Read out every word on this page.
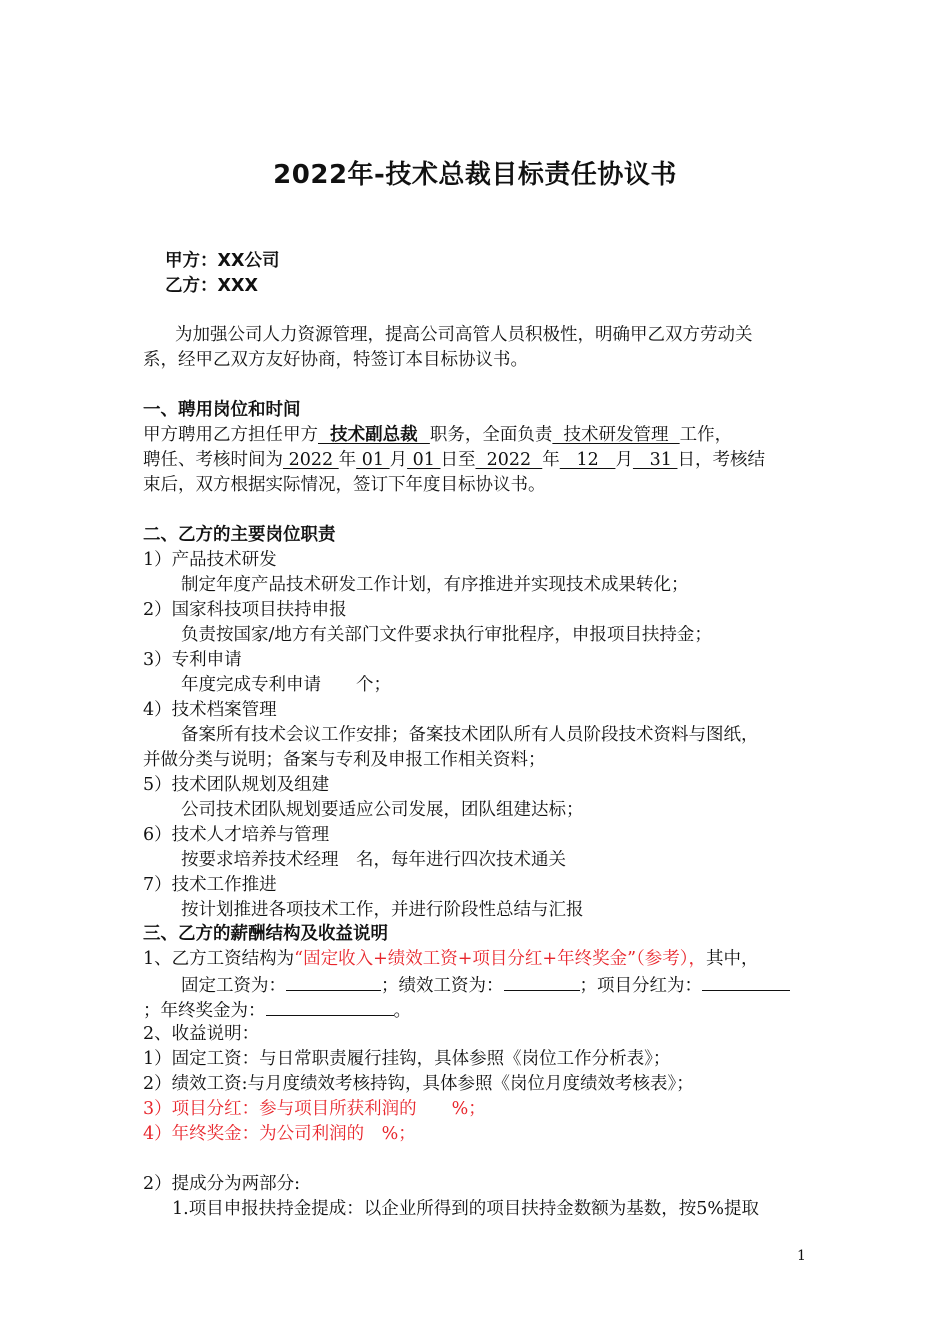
2022年-技术总裁目标责任协议书
甲方：XX公司
乙方：XXX
为加强公司人力资源管理，提高公司高管人员积极性，明确甲乙双方劳动关
系，经甲乙双方友好协商，特签订本目标协议书。
一、聘用岗位和时间
甲方聘用乙方担任甲方  技术副总裁  职务，全面负责  技术研发管理  工作，
聘任、考核时间为 2022 年 01 月 01 日至  2022  年   12   月   31 日，考核结
束后，双方根据实际情况，签订下年度目标协议书。
二、乙方的主要岗位职责
1）产品技术研发
制定年度产品技术研发工作计划，有序推进并实现技术成果转化；
2）国家科技项目扶持申报
负责按国家/地方有关部门文件要求执行审批程序，申报项目扶持金；
3）专利申请
年度完成专利申请　　个；
4）技术档案管理
备案所有技术会议工作安排；备案技术团队所有人员阶段技术资料与图纸，
并做分类与说明；备案与专利及申报工作相关资料；
5）技术团队规划及组建
公司技术团队规划要适应公司发展，团队组建达标；
6）技术人才培养与管理
按要求培养技术经理　名，每年进行四次技术通关
7）技术工作推进
按计划推进各项技术工作，并进行阶段性总结与汇报
三、乙方的薪酬结构及收益说明
1、乙方工资结构为“固定收入+绩效工资+项目分红+年终奖金”（参考），其中，
固定工资为：	；绩效工资为：	；项目分红为：
；年终奖金为：	。
2、收益说明：
1）固定工资：与日常职责履行挂钩，具体参照《岗位工作分析表》；
2）绩效工资:与月度绩效考核持钩，具体参照《岗位月度绩效考核表》；
3）项目分红：参与项目所获利润的　　%；
4）年终奖金：为公司利润的　%；
2）提成分为两部分:
1.项目申报扶持金提成：以企业所得到的项目扶持金数额为基数，按5%提取
1
